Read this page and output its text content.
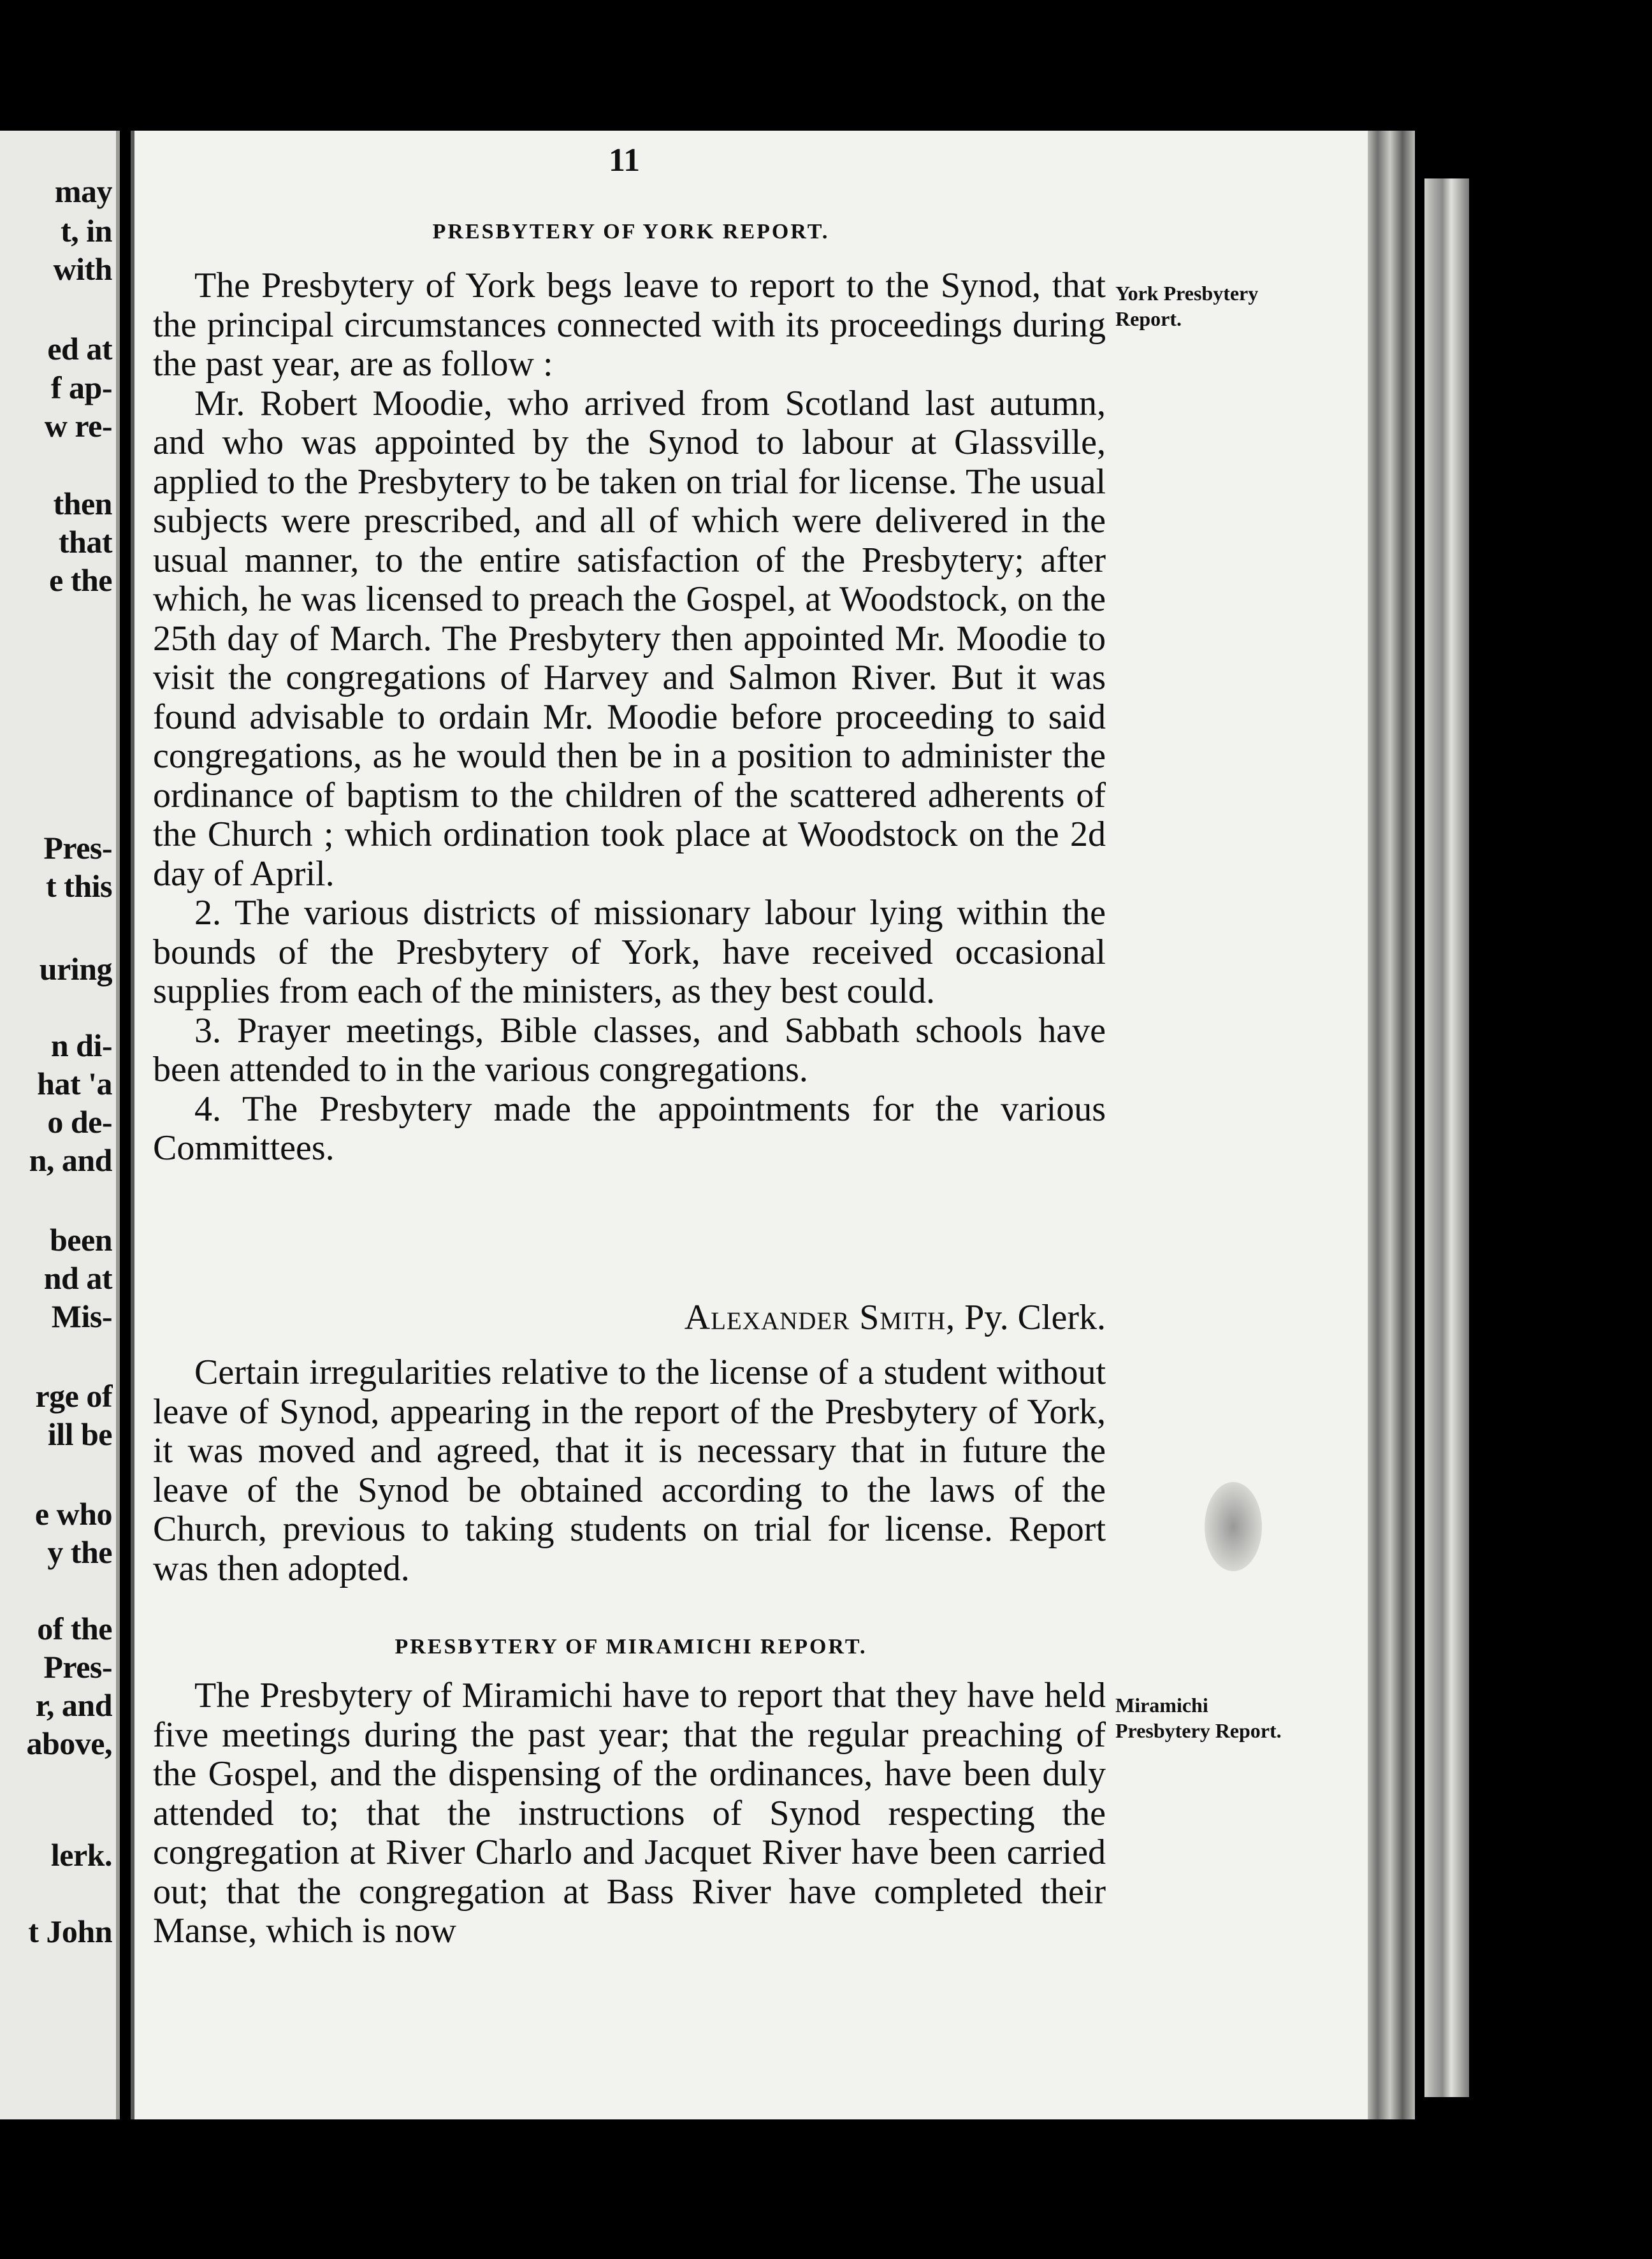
may
t, in
with
ed at
f ap-
w re-
then
that
e the
Pres-
t this
uring
n di-
hat 'a
o de-
n, and
been
nd at
Mis-
rge of
ill be
e who
y the
of the
Pres-
r, and
above,
lerk.
t John
11
PRESBYTERY OF YORK REPORT.
York Presbytery Report.

The Presbytery of York begs leave to report to the Synod, that the principal circumstances connected with its proceedings during the past year, are as follow :

Mr. Robert Moodie, who arrived from Scotland last autumn, and who was appointed by the Synod to labour at Glassville, applied to the Presbytery to be taken on trial for license. The usual subjects were prescribed, and all of which were delivered in the usual manner, to the entire satisfaction of the Presbytery; after which, he was licensed to preach the Gospel, at Woodstock, on the 25th day of March. The Presbytery then appointed Mr. Moodie to visit the congregations of Harvey and Salmon River. But it was found advisable to ordain Mr. Moodie before proceeding to said congregations, as he would then be in a position to administer the ordinance of baptism to the children of the scattered adherents of the Church ; which ordination took place at Woodstock on the 2d day of April.

2. The various districts of missionary labour lying within the bounds of the Presbytery of York, have received occasional supplies from each of the ministers, as they best could.

3. Prayer meetings, Bible classes, and Sabbath schools have been attended to in the various congregations.

4. The Presbytery made the appointments for the various Committees.

Alexander Smith, Py. Clerk.

Certain irregularities relative to the license of a student without leave of Synod, appearing in the report of the Presbytery of York, it was moved and agreed, that it is necessary that in future the leave of the Synod be obtained according to the laws of the Church, previous to taking students on trial for license. Report was then adopted.

PRESBYTERY OF MIRAMICHI REPORT.
Miramichi Presbytery Report.

The Presbytery of Miramichi have to report that they have held five meetings during the past year; that the regular preaching of the Gospel, and the dispensing of the ordinances, have been duly attended to; that the instructions of Synod respecting the congregation at River Charlo and Jacquet River have been carried out; that the congregation at Bass River have completed their Manse, which is now
